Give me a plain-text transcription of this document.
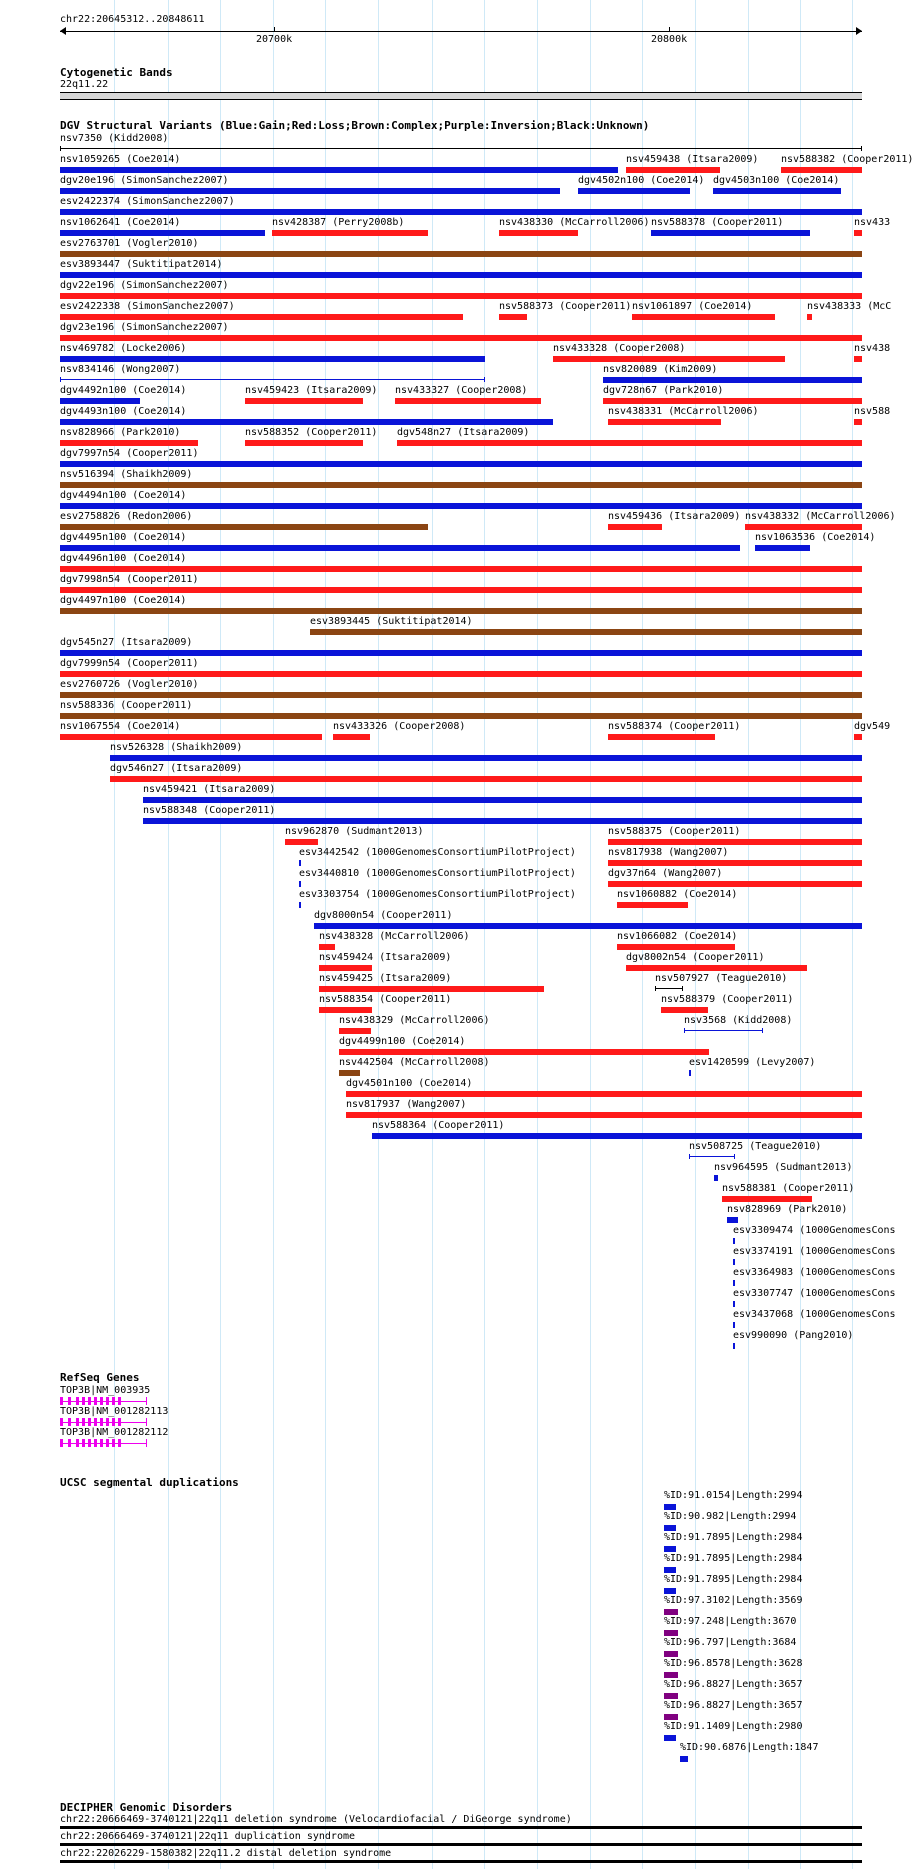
chr22:20645312..20848611
20700k	20800k
Cytogenetic Bands
22q11.22
DGV Structural Variants (Blue:Gain;Red:Loss;Brown:Complex;Purple:Inversion;Black:Unknown)
nsv7350 (Kidd2008)
nsv1059265 (Coe2014)	nsv459438 (Itsara2009) nsv588382 (Cooper2011)
dgv20e196 (SimonSanchez2007)	dgv4502n100 (Coe2014) dgv4503n100 (Coe2014)
esv2422374 (SimonSanchez2007)
nsv1062641 (Coe2014)	nsv428387 (Perry2008b)	nsv438330 (McCarroll2006) nsv588378 (Cooper2011)	nsv433
esv2763701 (Vogler2010)
esv3893447 (Suktitipat2014)
dgv22e196 (SimonSanchez2007)
esv2422338 (SimonSanchez2007)	nsv588373 (Cooper2011) nsv1061897 (Coe2014)	nsv438333 (McC
dgv23e196 (SimonSanchez2007)
nsv469782 (Locke2006)	nsv433328 (Cooper2008)	nsv438
nsv834146 (Wong2007)	nsv820089 (Kim2009)
dgv4492n100 (Coe2014)	nsv459423 (Itsara2009) nsv433327 (Cooper2008)	dgv728n67 (Park2010)
dgv4493n100 (Coe2014)	nsv438331 (McCarroll2006)	nsv588
nsv828966 (Park2010)	nsv588352 (Cooper2011) dgv548n27 (Itsara2009)
dgv7997n54 (Cooper2011)
nsv516394 (Shaikh2009)
dgv4494n100 (Coe2014)
esv2758826 (Redon2006)	nsv459436 (Itsara2009) nsv438332 (McCarroll2006)
dgv4495n100 (Coe2014)	nsv1063536 (Coe2014)
dgv4496n100 (Coe2014)
dgv7998n54 (Cooper2011)
dgv4497n100 (Coe2014)
esv3893445 (Suktitipat2014)
dgv545n27 (Itsara2009)
dgv7999n54 (Cooper2011)
esv2760726 (Vogler2010)
nsv588336 (Cooper2011)
nsv1067554 (Coe2014)	nsv433326 (Cooper2008)	nsv588374 (Cooper2011)	dgv549
nsv526328 (Shaikh2009)
dgv546n27 (Itsara2009)
nsv459421 (Itsara2009)
nsv588348 (Cooper2011)
nsv962870 (Sudmant2013)	nsv588375 (Cooper2011)
esv3442542 (1000GenomesConsortiumPilotProject)	nsv817938 (Wang2007)
esv3440810 (1000GenomesConsortiumPilotProject)	dgv37n64 (Wang2007)
esv3303754 (1000GenomesConsortiumPilotProject)	nsv1060882 (Coe2014)
dgv8000n54 (Cooper2011)
nsv438328 (McCarroll2006)	nsv1066082 (Coe2014)
nsv459424 (Itsara2009)	dgv8002n54 (Cooper2011)
nsv459425 (Itsara2009)	nsv507927 (Teague2010)
nsv588354 (Cooper2011)	nsv588379 (Cooper2011)
nsv438329 (McCarroll2006)	nsv3568 (Kidd2008)
dgv4499n100 (Coe2014)
nsv442504 (McCarroll2008)	esv1420599 (Levy2007)
dgv4501n100 (Coe2014)
nsv817937 (Wang2007)
nsv588364 (Cooper2011)
nsv508725 (Teague2010)
nsv964595 (Sudmant2013)
nsv588381 (Cooper2011)
nsv828969 (Park2010)
esv3309474 (1000GenomesCons
esv3374191 (1000GenomesCons
esv3364983 (1000GenomesCons
esv3307747 (1000GenomesCons
esv3437068 (1000GenomesCons
esv990090 (Pang2010)
RefSeq Genes
TOP3B|NM_003935
TOP3B|NM_001282113
TOP3B|NM_001282112
UCSC segmental duplications
%ID:91.0154|Length:2994
%ID:90.982|Length:2994
%ID:91.7895|Length:2984
%ID:91.7895|Length:2984
%ID:91.7895|Length:2984
%ID:97.3102|Length:3569
%ID:97.248|Length:3670
%ID:96.797|Length:3684
%ID:96.8578|Length:3628
%ID:96.8827|Length:3657
%ID:96.8827|Length:3657
%ID:91.1409|Length:2980
%ID:90.6876|Length:1847
DECIPHER Genomic Disorders
chr22:20666469-3740121|22q11 deletion syndrome (Velocardiofacial / DiGeorge syndrome)
chr22:20666469-3740121|22q11 duplication syndrome
chr22:22026229-1580382|22q11.2 distal deletion syndrome
